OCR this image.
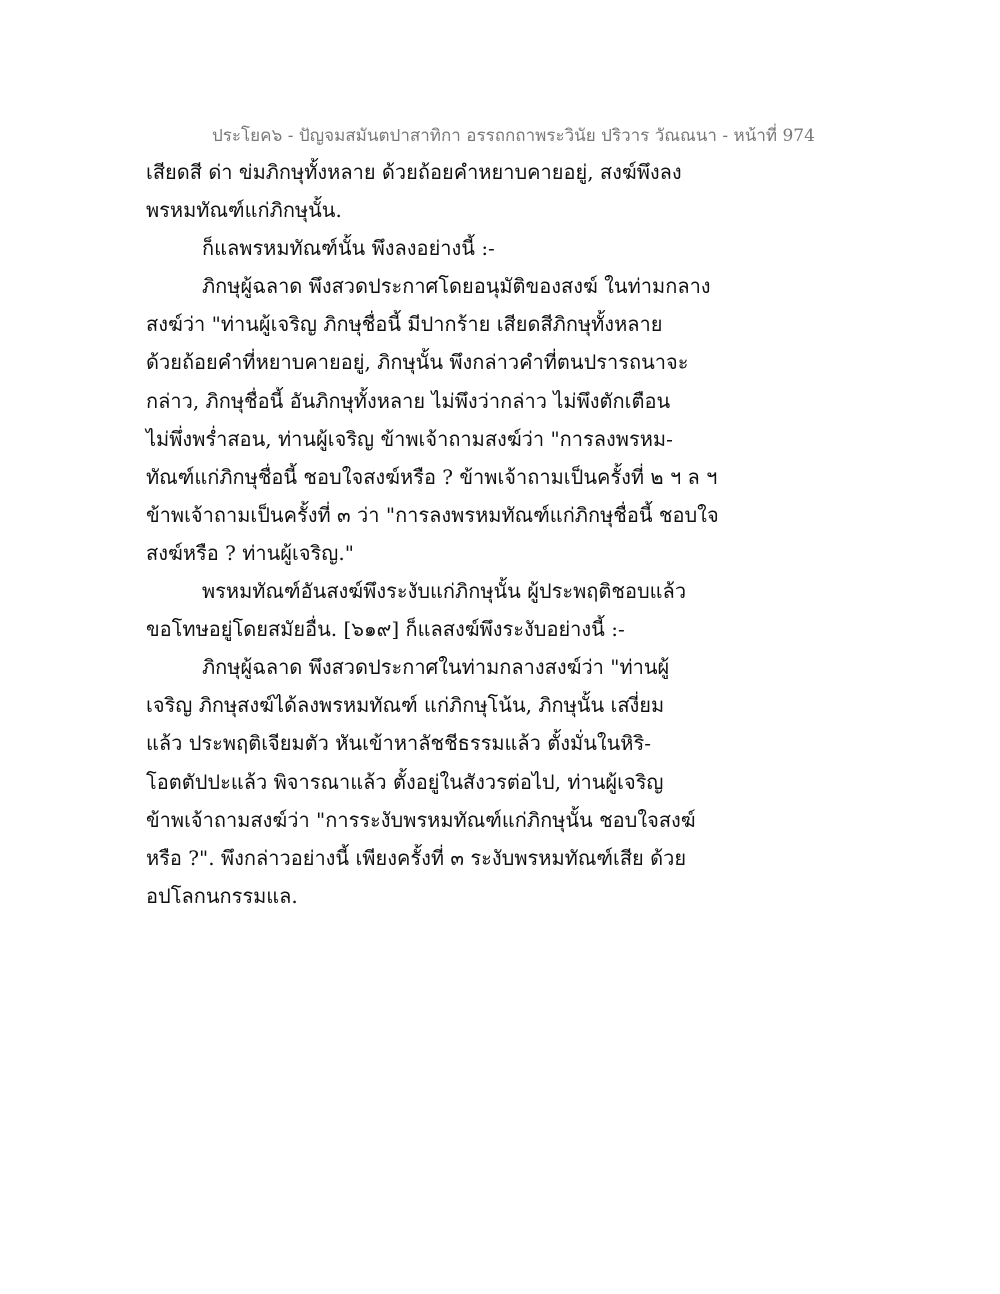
ประโยค๖ - ปัญจมสมันตปาสาทิกา อรรถกถาพระวินัย ปริวาร วัณณนา - หน้าที่ 974
เสียดสี ด่า ข่มภิกษุทั้งหลาย ด้วยถ้อยคำหยาบคายอยู่, สงฆ์พึงลง
พรหมทัณฑ์แก่ภิกษุนั้น.
ก็แลพรหมทัณฑ์นั้น พึงลงอย่างนี้ :-
ภิกษุผู้ฉลาด พึงสวดประกาศโดยอนุมัติของสงฆ์ ในท่ามกลาง
สงฆ์ว่า "ท่านผู้เจริญ ภิกษุชื่อนี้ มีปากร้าย เสียดสีภิกษุทั้งหลาย
ด้วยถ้อยคำที่หยาบคายอยู่, ภิกษุนั้น พึงกล่าวคำที่ตนปรารถนาจะ
กล่าว, ภิกษุชื่อนี้ อันภิกษุทั้งหลาย ไม่พึงว่ากล่าว ไม่พึงตักเตือน
ไม่พึ่งพร่ำสอน, ท่านผู้เจริญ ข้าพเจ้าถามสงฆ์ว่า "การลงพรหม-
ทัณฑ์แก่ภิกษุชื่อนี้ ชอบใจสงฆ์หรือ ? ข้าพเจ้าถามเป็นครั้งที่ ๒ ฯ ล ฯ
ข้าพเจ้าถามเป็นครั้งที่ ๓ ว่า "การลงพรหมทัณฑ์แก่ภิกษุชื่อนี้ ชอบใจ
สงฆ์หรือ ? ท่านผู้เจริญ."
พรหมทัณฑ์อันสงฆ์พึงระงับแก่ภิกษุนั้น ผู้ประพฤติชอบแล้ว
ขอโทษอยู่โดยสมัยอื่น. [๖๑๙] ก็แลสงฆ์พึงระงับอย่างนี้ :-
ภิกษุผู้ฉลาด พึงสวดประกาศในท่ามกลางสงฆ์ว่า "ท่านผู้
เจริญ ภิกษุสงฆ์ได้ลงพรหมทัณฑ์ แก่ภิกษุโน้น, ภิกษุนั้น เสงี่ยม
แล้ว ประพฤติเจียมตัว หันเข้าหาลัชชีธรรมแล้ว ตั้งมั่นในหิริ-
โอตตัปปะแล้ว พิจารณาแล้ว ตั้งอยู่ในสังวรต่อไป, ท่านผู้เจริญ
ข้าพเจ้าถามสงฆ์ว่า "การระงับพรหมทัณฑ์แก่ภิกษุนั้น ชอบใจสงฆ์
หรือ ?". พึงกล่าวอย่างนี้ เพียงครั้งที่ ๓ ระงับพรหมทัณฑ์เสีย ด้วย
อปโลกนกรรมแล.
